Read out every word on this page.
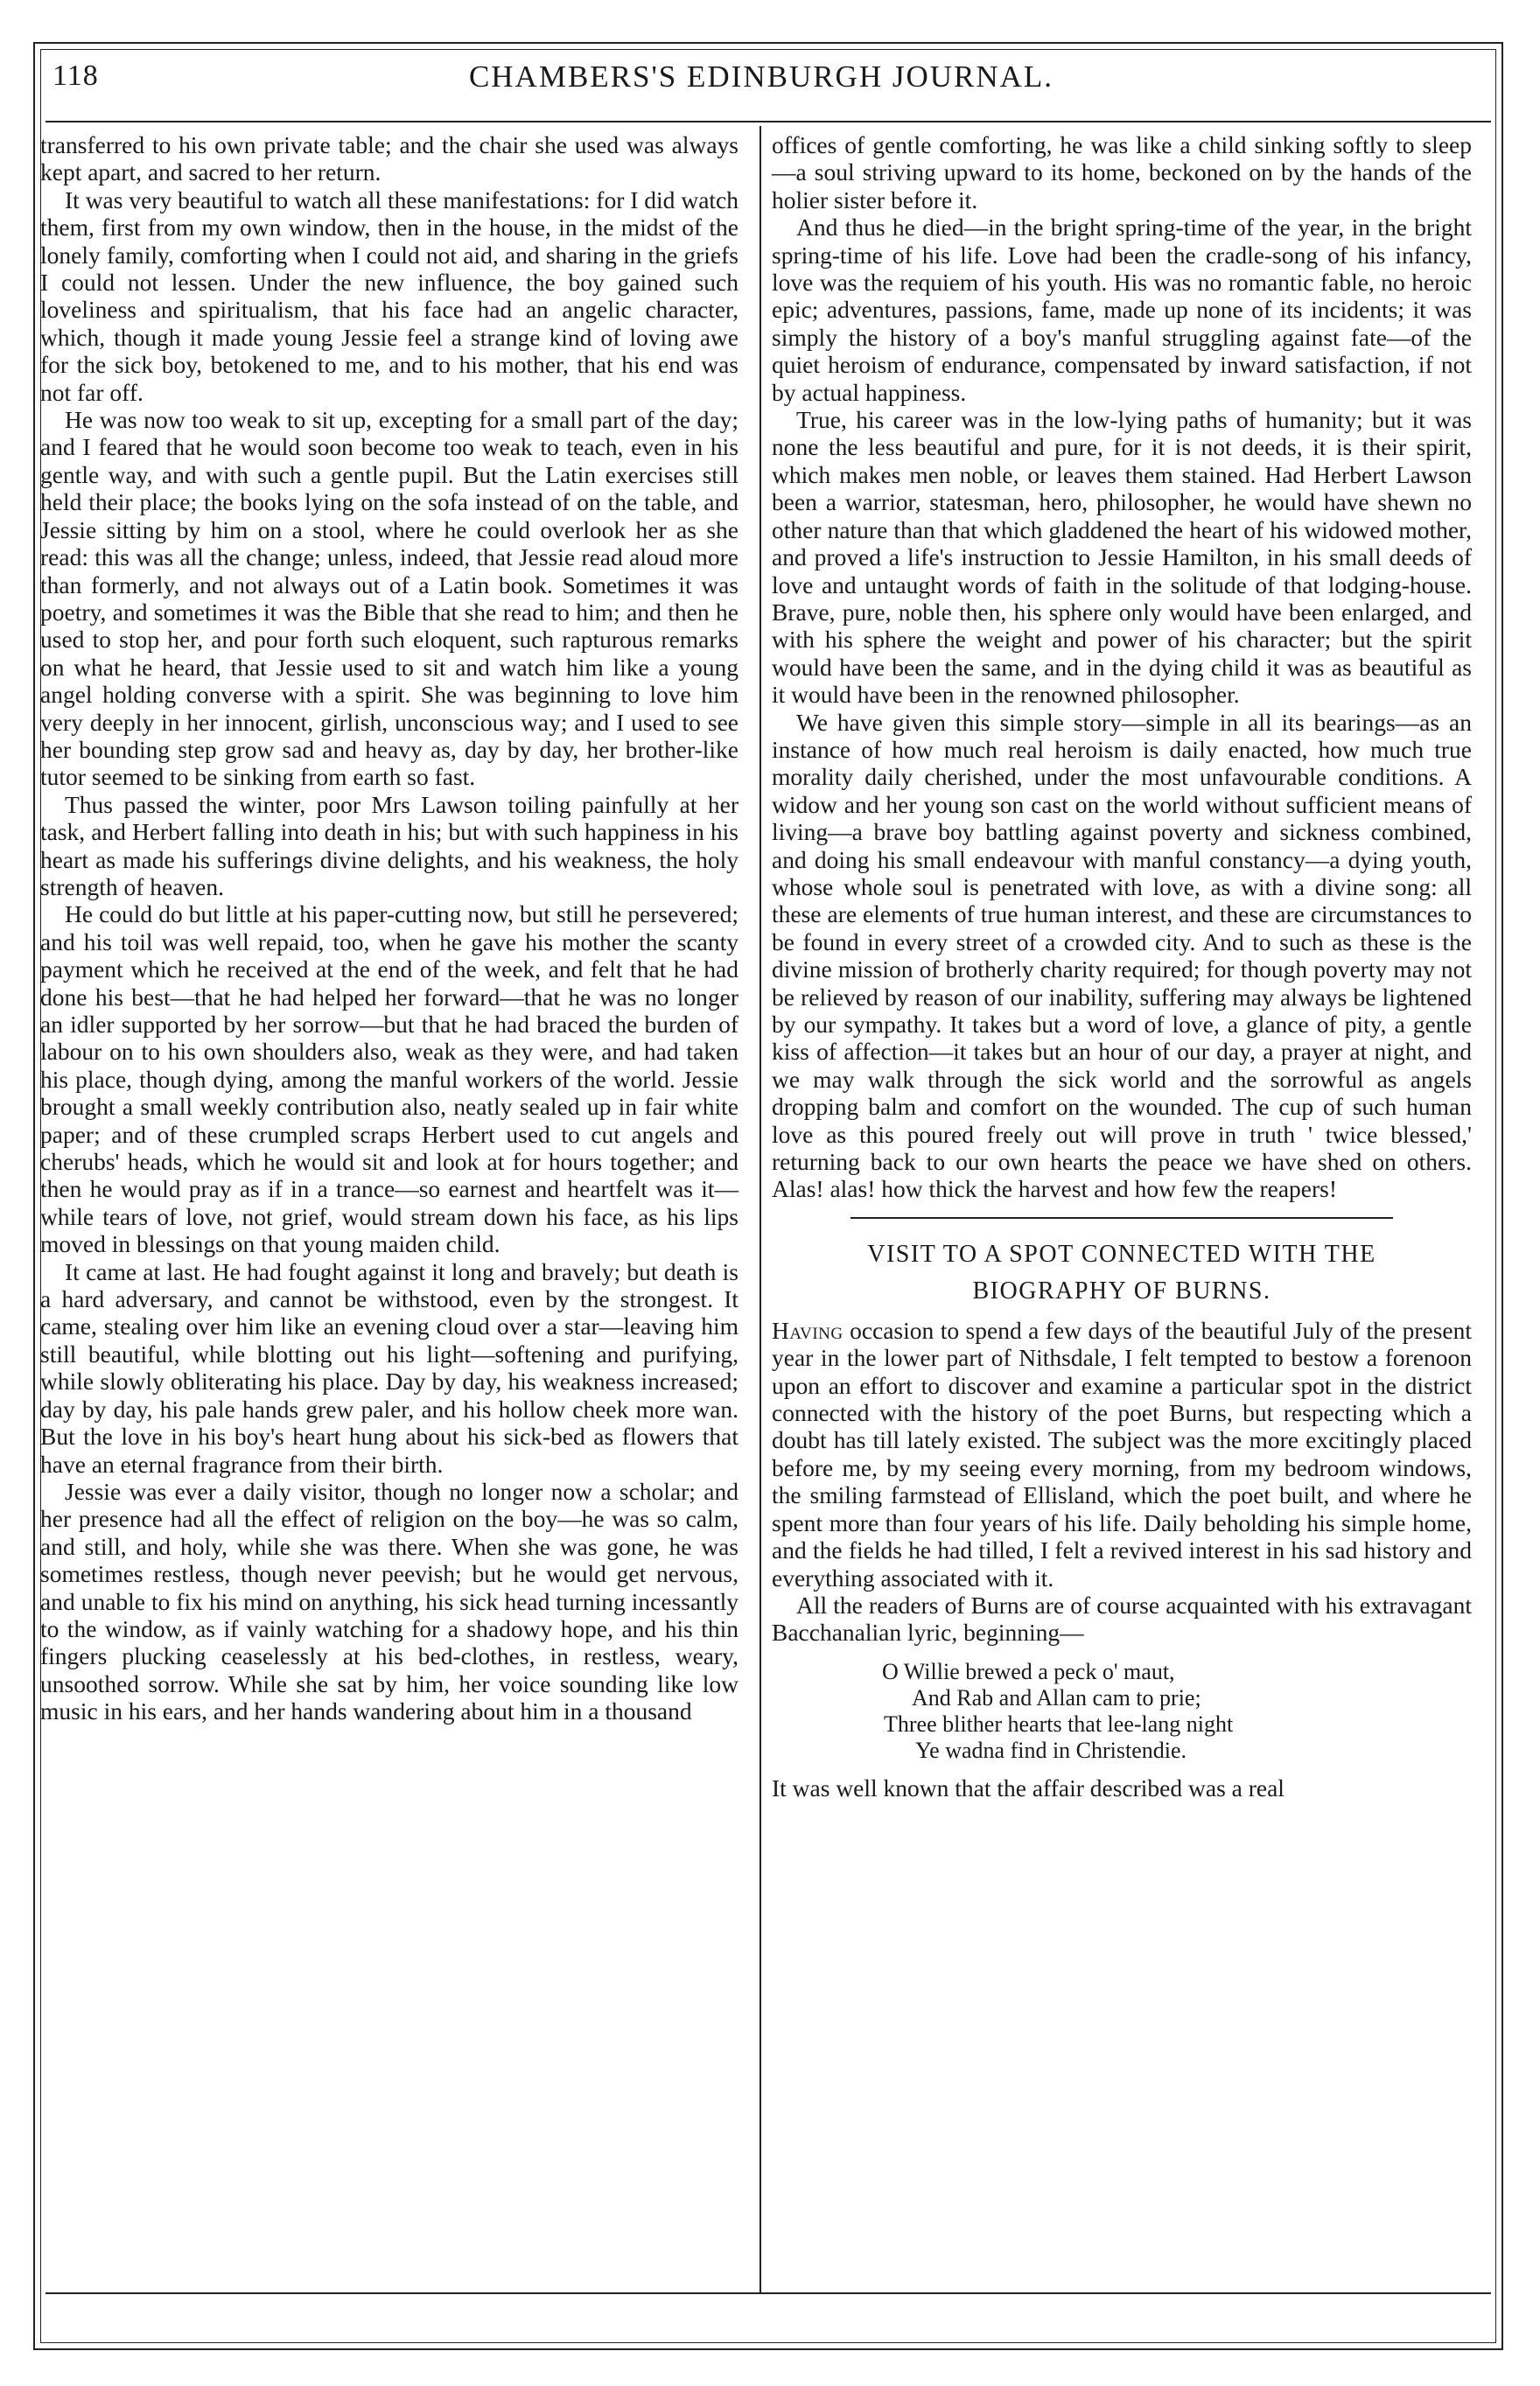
118	CHAMBERS'S EDINBURGH JOURNAL.

transferred to his own private table; and the chair she used was always kept apart, and sacred to her return.

It was very beautiful to watch all these manifestations: for I did watch them, first from my own window, then in the house, in the midst of the lonely family, comforting when I could not aid, and sharing in the griefs I could not lessen. Under the new influence, the boy gained such loveliness and spiritualism, that his face had an angelic character, which, though it made young Jessie feel a strange kind of loving awe for the sick boy, betokened to me, and to his mother, that his end was not far off.

He was now too weak to sit up, excepting for a small part of the day; and I feared that he would soon become too weak to teach, even in his gentle way, and with such a gentle pupil. But the Latin exercises still held their place; the books lying on the sofa instead of on the table, and Jessie sitting by him on a stool, where he could overlook her as she read: this was all the change; unless, indeed, that Jessie read aloud more than formerly, and not always out of a Latin book. Sometimes it was poetry, and sometimes it was the Bible that she read to him; and then he used to stop her, and pour forth such eloquent, such rapturous remarks on what he heard, that Jessie used to sit and watch him like a young angel holding converse with a spirit. She was beginning to love him very deeply in her innocent, girlish, unconscious way; and I used to see her bounding step grow sad and heavy as, day by day, her brother-like tutor seemed to be sinking from earth so fast.

Thus passed the winter, poor Mrs Lawson toiling painfully at her task, and Herbert falling into death in his; but with such happiness in his heart as made his sufferings divine delights, and his weakness, the holy strength of heaven.

He could do but little at his paper-cutting now, but still he persevered; and his toil was well repaid, too, when he gave his mother the scanty payment which he received at the end of the week, and felt that he had done his best—that he had helped her forward—that he was no longer an idler supported by her sorrow—but that he had braced the burden of labour on to his own shoulders also, weak as they were, and had taken his place, though dying, among the manful workers of the world. Jessie brought a small weekly contribution also, neatly sealed up in fair white paper; and of these crumpled scraps Herbert used to cut angels and cherubs' heads, which he would sit and look at for hours together; and then he would pray as if in a trance—so earnest and heartfelt was it—while tears of love, not grief, would stream down his face, as his lips moved in blessings on that young maiden child.

It came at last. He had fought against it long and bravely; but death is a hard adversary, and cannot be withstood, even by the strongest. It came, stealing over him like an evening cloud over a star—leaving him still beautiful, while blotting out his light—softening and purifying, while slowly obliterating his place. Day by day, his weakness increased; day by day, his pale hands grew paler, and his hollow cheek more wan. But the love in his boy's heart hung about his sick-bed as flowers that have an eternal fragrance from their birth.

Jessie was ever a daily visitor, though no longer now a scholar; and her presence had all the effect of religion on the boy—he was so calm, and still, and holy, while she was there. When she was gone, he was sometimes restless, though never peevish; but he would get nervous, and unable to fix his mind on anything, his sick head turning incessantly to the window, as if vainly watching for a shadowy hope, and his thin fingers plucking ceaselessly at his bed-clothes, in restless, weary, unsoothed sorrow. While she sat by him, her voice sounding like low music in his ears, and her hands wandering about him in a thousand

offices of gentle comforting, he was like a child sinking softly to sleep—a soul striving upward to its home, beckoned on by the hands of the holier sister before it.

And thus he died—in the bright spring-time of the year, in the bright spring-time of his life. Love had been the cradle-song of his infancy, love was the requiem of his youth. His was no romantic fable, no heroic epic; adventures, passions, fame, made up none of its incidents; it was simply the history of a boy's manful struggling against fate—of the quiet heroism of endurance, compensated by inward satisfaction, if not by actual happiness.

True, his career was in the low-lying paths of humanity; but it was none the less beautiful and pure, for it is not deeds, it is their spirit, which makes men noble, or leaves them stained. Had Herbert Lawson been a warrior, statesman, hero, philosopher, he would have shewn no other nature than that which gladdened the heart of his widowed mother, and proved a life's instruction to Jessie Hamilton, in his small deeds of love and untaught words of faith in the solitude of that lodging-house. Brave, pure, noble then, his sphere only would have been enlarged, and with his sphere the weight and power of his character; but the spirit would have been the same, and in the dying child it was as beautiful as it would have been in the renowned philosopher.

We have given this simple story—simple in all its bearings—as an instance of how much real heroism is daily enacted, how much true morality daily cherished, under the most unfavourable conditions. A widow and her young son cast on the world without sufficient means of living—a brave boy battling against poverty and sickness combined, and doing his small endeavour with manful constancy—a dying youth, whose whole soul is penetrated with love, as with a divine song: all these are elements of true human interest, and these are circumstances to be found in every street of a crowded city. And to such as these is the divine mission of brotherly charity required; for though poverty may not be relieved by reason of our inability, suffering may always be lightened by our sympathy. It takes but a word of love, a glance of pity, a gentle kiss of affection—it takes but an hour of our day, a prayer at night, and we may walk through the sick world and the sorrowful as angels dropping balm and comfort on the wounded. The cup of such human love as this poured freely out will prove in truth ' twice blessed,' returning back to our own hearts the peace we have shed on others. Alas! alas! how thick the harvest and how few the reapers!

VISIT TO A SPOT CONNECTED WITH THE
BIOGRAPHY OF BURNS.

Having occasion to spend a few days of the beautiful July of the present year in the lower part of Nithsdale, I felt tempted to bestow a forenoon upon an effort to discover and examine a particular spot in the district connected with the history of the poet Burns, but respecting which a doubt has till lately existed. The subject was the more excitingly placed before me, by my seeing every morning, from my bedroom windows, the smiling farmstead of Ellisland, which the poet built, and where he spent more than four years of his life. Daily beholding his simple home, and the fields he had tilled, I felt a revived interest in his sad history and everything associated with it.

All the readers of Burns are of course acquainted with his extravagant Bacchanalian lyric, beginning—

O Willie brewed a peck o' maut,
And Rab and Allan cam to prie;
Three blither hearts that lee-lang night
Ye wadna find in Christendie.

It was well known that the affair described was a real
